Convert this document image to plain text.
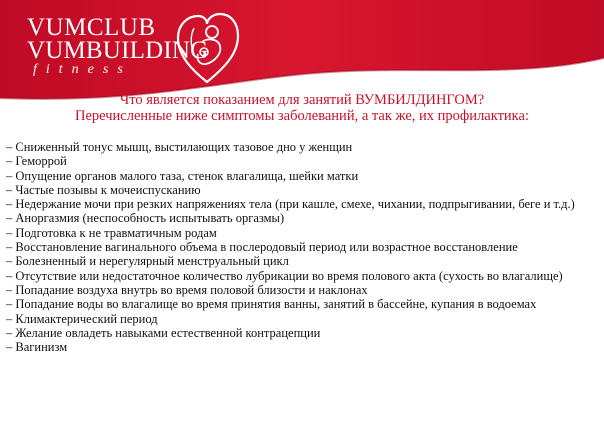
VUMCLUB
VUMBUILDING
fitness
Что является показанием для занятий ВУМБИЛДИНГОМ?
Перечисленные ниже симптомы заболеваний, а так же, их профилактика:
– Сниженный тонус мышц, выстилающих тазовое дно у женщин
– Геморрой
– Опущение органов малого таза, стенок влагалища, шейки матки
– Частые позывы к мочеиспусканию
– Недержание мочи при резких напряжениях тела (при кашле, смехе, чихании, подпрыгивании, беге и т.д.)
– Аноргазмия (неспособность испытывать оргазмы)
– Подготовка к не травматичным родам
– Восстановление вагинального объема в послеродовый период или возрастное восстановление
– Болезненный и нерегулярный менструальный цикл
– Отсутствие или недостаточное количество лубрикации во время полового акта (сухость во влагалище)
– Попадание воздуха внутрь во время половой близости и наклонах
– Попадание воды во влагалище во время принятия ванны, занятий в бассейне, купания в водоемах
– Климактерический период
– Желание овладеть навыками естественной контрацепции
– Вагинизм
